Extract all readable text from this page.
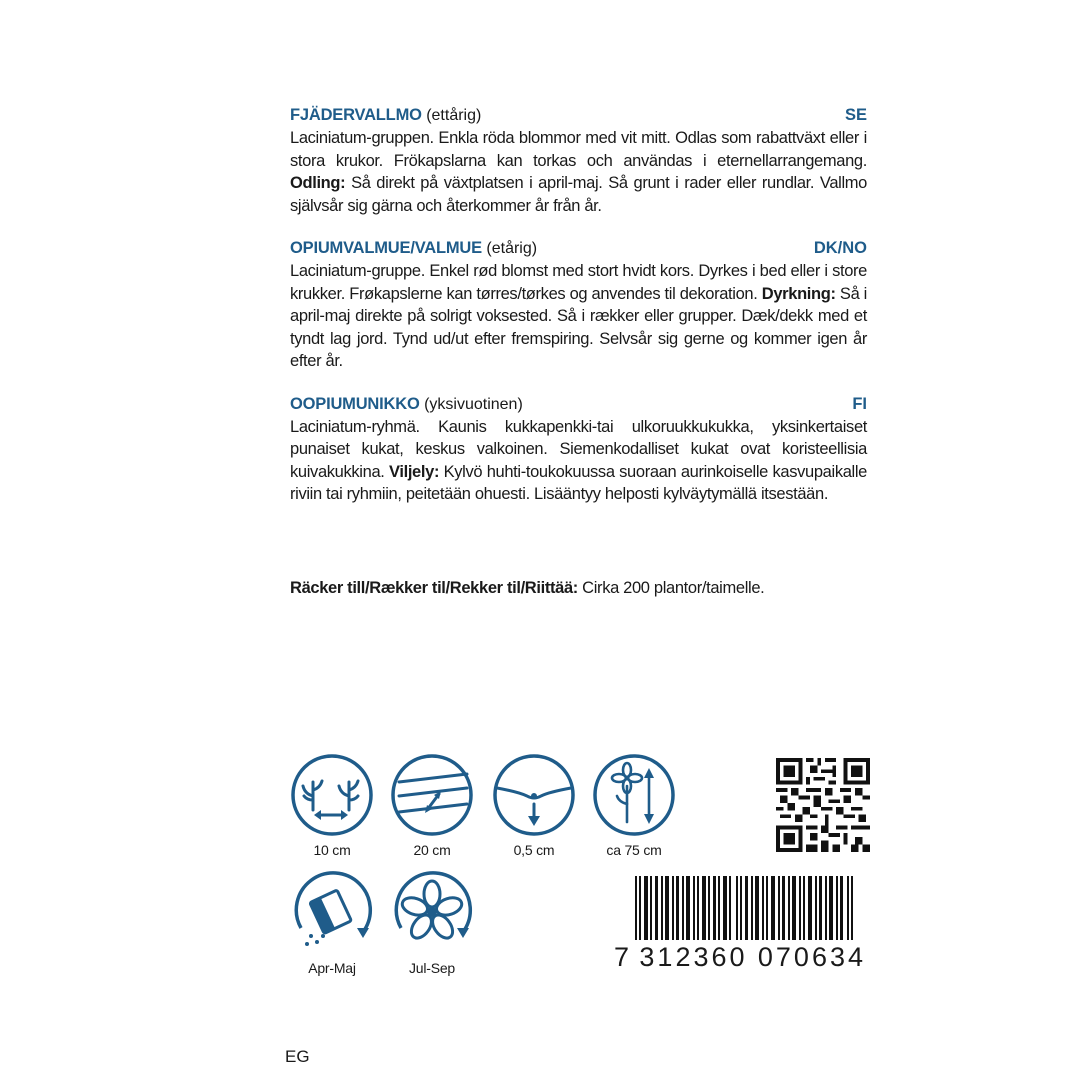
FJÄDERVALLMO (ettårig)	SE
Laciniatum-gruppen. Enkla röda blommor med vit mitt. Odlas som rabattväxt eller i stora krukor. Frökapslarna kan torkas och användas i eternellarrangemang. Odling: Så direkt på växtplatsen i april-maj. Så grunt i rader eller rundlar. Vallmo självsår sig gärna och återkommer år från år.
OPIUMVALMUE/VALMUE (etårig)	DK/NO
Laciniatum-gruppe. Enkel rød blomst med stort hvidt kors. Dyrkes i bed eller i store krukker. Frøkapslerne kan tørres/tørkes og anvendes til dekoration. Dyrkning: Så i april-maj direkte på solrigt voksested. Så i rækker eller grupper. Dæk/dekk med et tyndt lag jord. Tynd ud/ut efter fremspiring. Selvsår sig gerne og kommer igen år efter år.
OOPIUMUNIKKO (yksivuotinen)	FI
Laciniatum-ryhmä. Kaunis kukkapenkki-tai ulkoruukkukukka, yksinkertaiset punaiset kukat, keskus valkoinen. Siemenkodalliset kukat ovat koristeellisia kuivakukkina. Viljely: Kylvö huhti-toukokuussa suoraan aurinkoiselle kasvupaikalle riviin tai ryhmiin, peitetään ohuesti. Lisääntyy helposti kylväytymällä itsestään.
Räcker till/Rækker til/Rekker til/Riittää: Cirka 200 plantor/taimelle.
10 cm	20 cm	0,5 cm	ca 75 cm
Apr-Maj	Jul-Sep	7 312360 070634
EG
